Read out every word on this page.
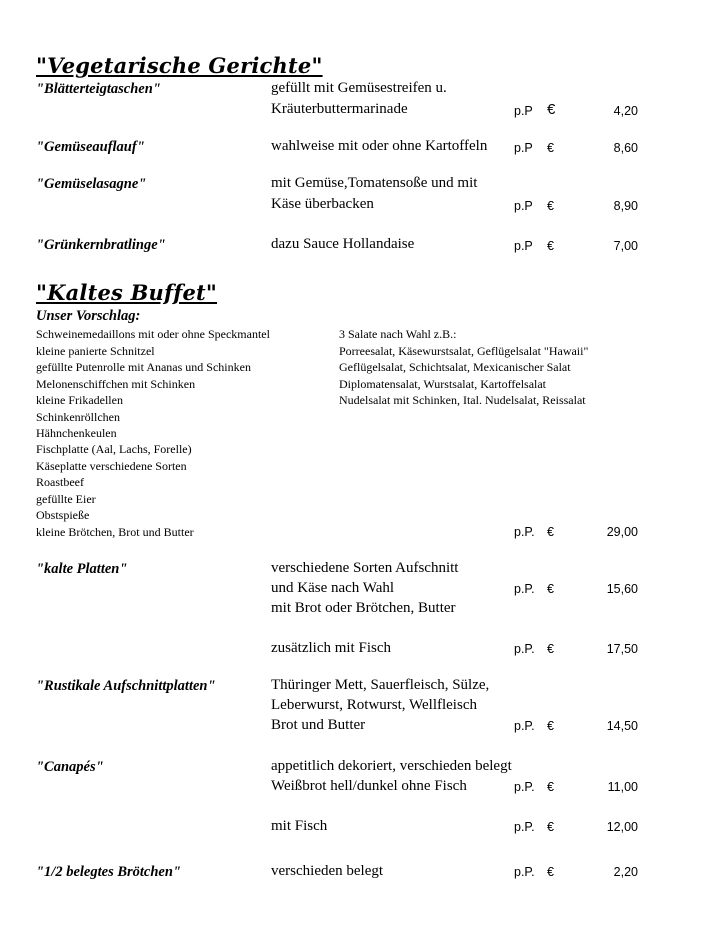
"Vegetarische Gerichte"
"Blätterteigtaschen"	gefüllt mit Gemüsestreifen u.
Kräuterbuttermarinade	p.P €	4,20
"Gemüseauflauf"	wahlweise mit oder ohne Kartoffeln p.P €	8,60
"Gemüselasagne"	mit Gemüse,Tomatensoße und mit
Käse überbacken	p.P €	8,90
"Grünkernbratlinge"	dazu Sauce Hollandaise	p.P €	7,00
"Kaltes Buffet"
Unser Vorschlag:
Schweinemedaillons mit oder ohne Speckmantel
kleine panierte Schnitzel
gefüllte Putenrolle mit Ananas und Schinken
Melonenschiffchen mit Schinken
kleine Frikadellen
Schinkenröllchen
Hähnchenkeulen
Fischplatte (Aal, Lachs, Forelle)
Käseplatte verschiedene Sorten
Roastbeef
gefüllte Eier
Obstspieße
kleine Brötchen, Brot und Butter
3 Salate nach Wahl z.B.:
Porreesalat, Käsewurstsalat, Geflügelsalat "Hawaii"
Geflügelsalat, Schichtsalat, Mexicanischer Salat
Diplomatensalat, Wurstsalat, Kartoffelsalat
Nudelsalat mit Schinken, Ital. Nudelsalat, Reissalat
p.P. €	29,00
"kalte Platten"	verschiedene Sorten Aufschnitt
und Käse nach Wahl
mit Brot oder Brötchen, Butter
p.P. €	15,60
zusätzlich mit Fisch	p.P. €	17,50
"Rustikale Aufschnittplatten"	Thüringer Mett, Sauerfleisch, Sülze,
Leberwurst, Rotwurst, Wellfleisch
Brot und Butter	p.P. €	14,50
"Canapés"	appetitlich dekoriert, verschieden belegt
Weißbrot hell/dunkel ohne Fisch	p.P. €	11,00
mit Fisch	p.P. €	12,00
"1/2 belegtes Brötchen"	verschieden belegt	p.P. €	2,20
